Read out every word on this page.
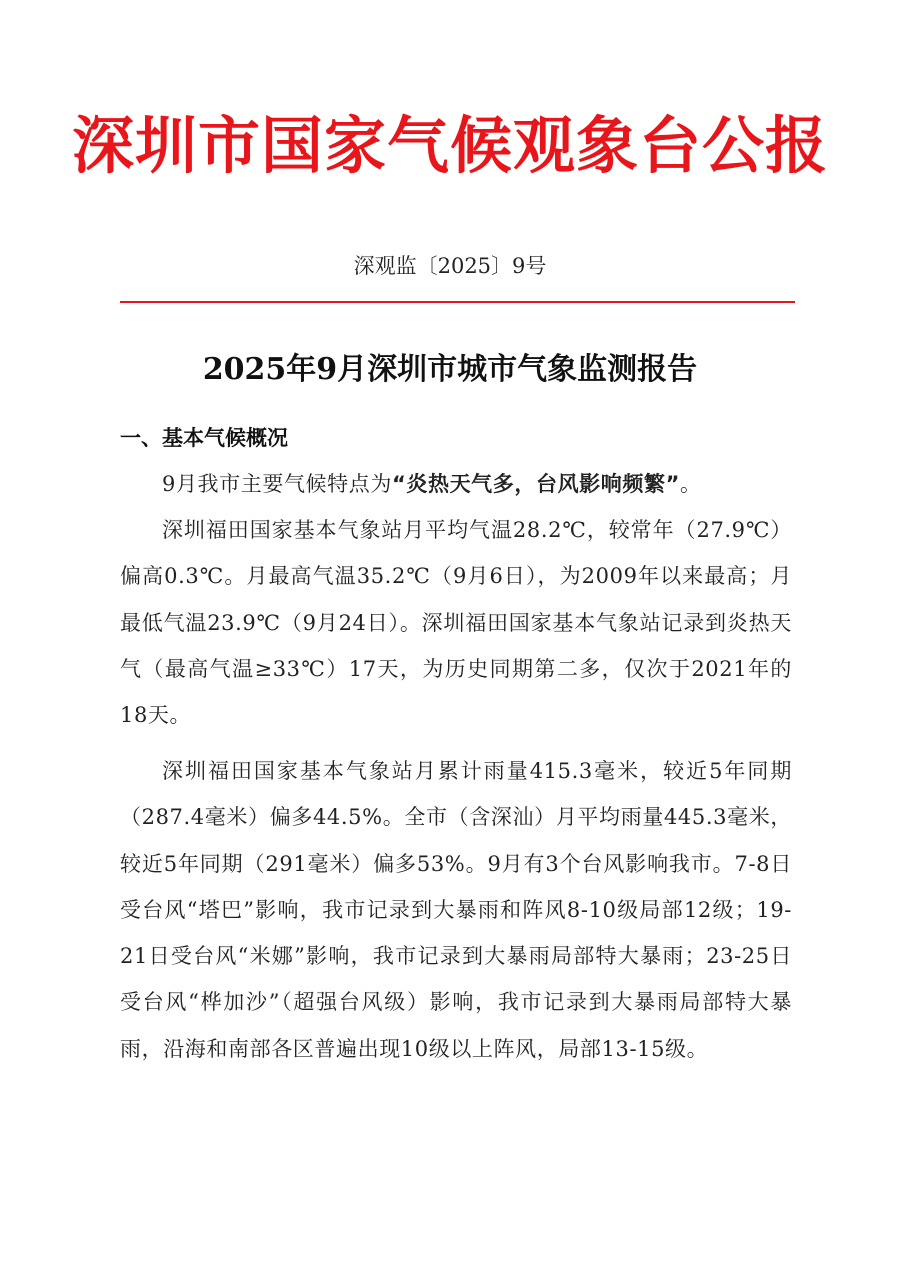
深圳市国家气候观象台公报
深观监〔2025〕9号
2025年9月深圳市城市气象监测报告
一、基本气候概况

9月我市主要气候特点为“炎热天气多，台风影响频繁”。

深圳福田国家基本气象站月平均气温28.2℃，较常年（27.9℃）偏高0.3℃。月最高气温35.2℃（9月6日），为2009年以来最高；月最低气温23.9℃（9月24日）。深圳福田国家基本气象站记录到炎热天气（最高气温≥33℃）17天，为历史同期第二多，仅次于2021年的18天。

深圳福田国家基本气象站月累计雨量415.3毫米，较近5年同期（287.4毫米）偏多44.5%。全市（含深汕）月平均雨量445.3毫米，较近5年同期（291毫米）偏多53%。9月有3个台风影响我市。7-8日受台风“塔巴”影响，我市记录到大暴雨和阵风8-10级局部12级；19-21日受台风“米娜”影响，我市记录到大暴雨局部特大暴雨；23-25日受台风“桦加沙”（超强台风级）影响，我市记录到大暴雨局部特大暴雨，沿海和南部各区普遍出现10级以上阵风，局部13-15级。
